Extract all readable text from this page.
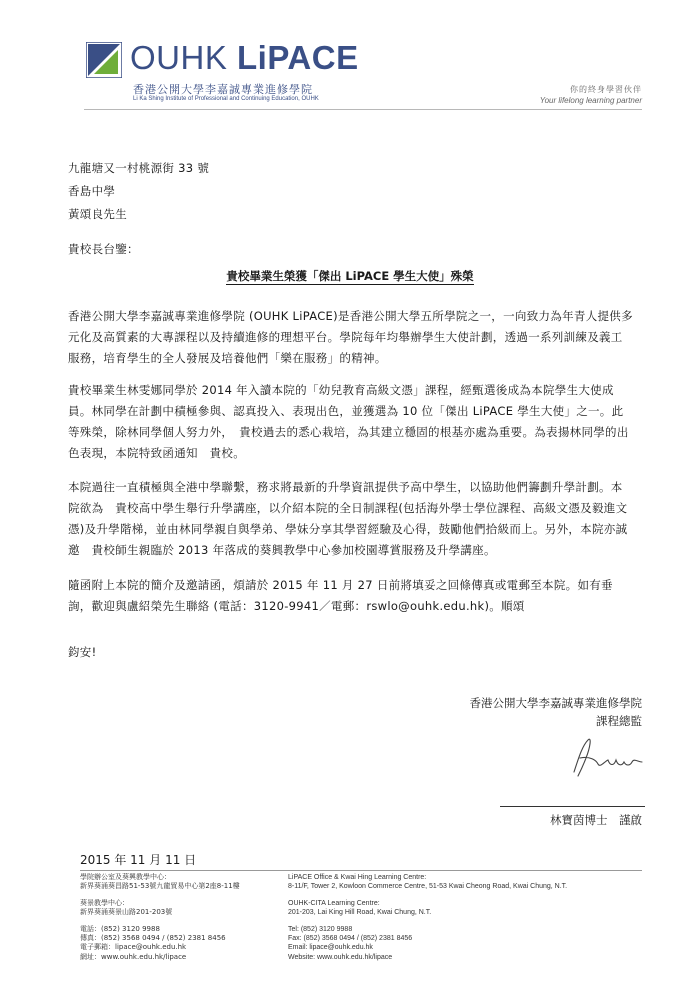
OUHK LiPACE
香港公開大學李嘉誠專業進修學院
Li Ka Shing Institute of Professional and Continuing Education, OUHK
你的終身學習伙伴
Your lifelong learning partner
九龍塘又一村桃源街 33 號
香島中學
黃頌良先生
貴校長台鑒：
貴校畢業生榮獲「傑出 LiPACE 學生大使」殊榮
香港公開大學李嘉誠專業進修學院 (OUHK LiPACE)是香港公開大學五所學院之一，一向致力為年青人提供多元化及高質素的大專課程以及持續進修的理想平台。學院每年均舉辦學生大使計劃，透過一系列訓練及義工服務，培育學生的全人發展及培養他們「樂在服務」的精神。
貴校畢業生林雯娜同學於 2014 年入讀本院的「幼兒教育高級文憑」課程，經甄選後成為本院學生大使成員。林同學在計劃中積極參與、認真投入、表現出色，並獲選為 10 位「傑出 LiPACE 學生大使」之一。此等殊榮，除林同學個人努力外，　貴校過去的悉心栽培，為其建立穩固的根基亦處為重要。為表揚林同學的出色表現，本院特致函通知　貴校。
本院過往一直積極與全港中學聯繫，務求將最新的升學資訊提供予高中學生，以協助他們籌劃升學計劃。本院欲為　貴校高中學生舉行升學講座，以介紹本院的全日制課程(包括海外學士學位課程、高級文憑及毅進文憑)及升學階梯，並由林同學親自與學弟、學妹分享其學習經驗及心得，鼓勵他們拾級而上。另外，本院亦誠邀　貴校師生親臨於 2013 年落成的葵興教學中心參加校園導賞服務及升學講座。
隨函附上本院的簡介及邀請函，煩請於 2015 年 11 月 27 日前將填妥之回條傳真或電郵至本院。如有垂詢，歡迎與盧紹榮先生聯絡 (電話：3120-9941／電郵：rswlo@ouhk.edu.hk)。順頌
鈞安!
香港公開大學李嘉誠專業進修學院
課程總監
林寶茵博士　謹啟
2015 年 11 月 11 日
學院辦公室及葵興教學中心：
新界葵涌葵昌路51-53號九龍貿易中心第2座8-11樓
葵景教學中心：
新界葵涌葵景山路201-203號
電話：(852) 3120 9988
傳真：(852) 3568 0494 / (852) 2381 8456
電子郵箱：lipace@ouhk.edu.hk
網址：www.ouhk.edu.hk/lipace
LiPACE Office & Kwai Hing Learning Centre:
8-11/F, Tower 2, Kowloon Commerce Centre, 51-53 Kwai Cheong Road, Kwai Chung, N.T.
OUHK-CITA Learning Centre:
201-203, Lai King Hill Road, Kwai Chung, N.T.
Tel: (852) 3120 9988
Fax: (852) 3568 0494 / (852) 2381 8456
Email: lipace@ouhk.edu.hk
Website: www.ouhk.edu.hk/lipace
